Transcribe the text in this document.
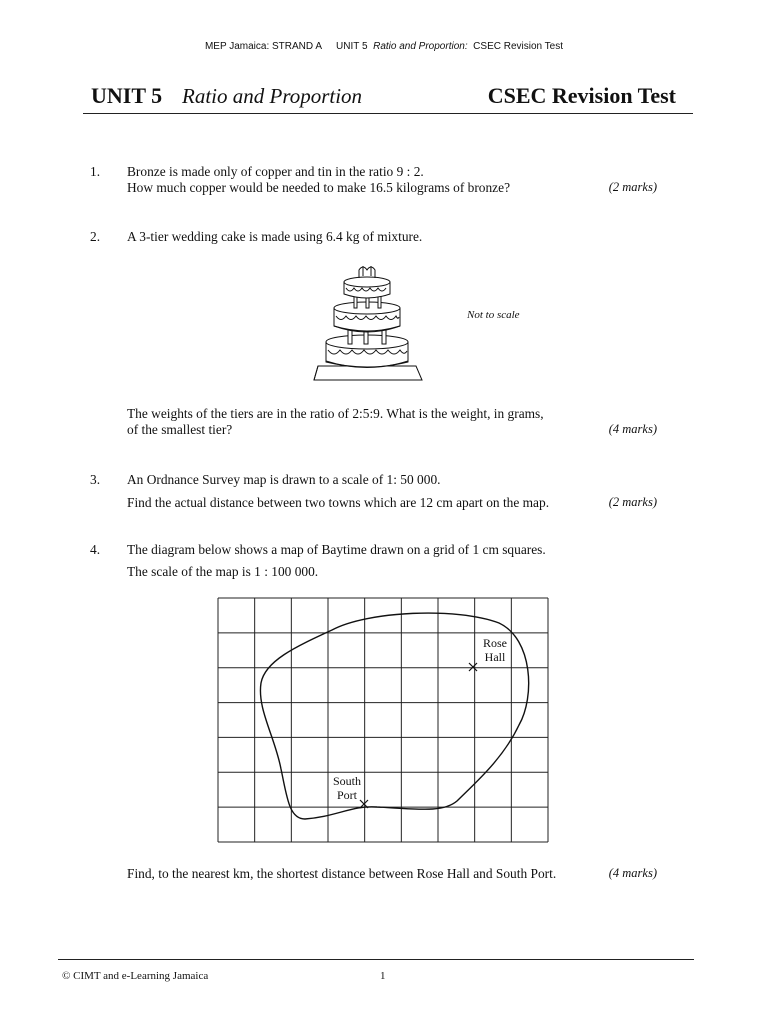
MEP Jamaica: STRAND A UNIT 5 Ratio and Proportion: CSEC Revision Test
UNIT 5 Ratio and Proportion	CSEC Revision Test
1. Bronze is made only of copper and tin in the ratio 9 : 2.
How much copper would be needed to make 16.5 kilograms of bronze?	(2 marks)
2. A 3-tier wedding cake is made using 6.4 kg of mixture.
Not to scale
The weights of the tiers are in the ratio of 2:5:9. What is the weight, in grams,
of the smallest tier?	(4 marks)
3. An Ordnance Survey map is drawn to a scale of 1: 50 000.
Find the actual distance between two towns which are 12 cm apart on the map.	(2 marks)
4. The diagram below shows a map of Baytime drawn on a grid of 1 cm squares.
The scale of the map is 1 : 100 000.
Rose
Hall
South
Port
Find, to the nearest km, the shortest distance between Rose Hall and South Port.	(4 marks)
© CIMT and e-Learning Jamaica	1
